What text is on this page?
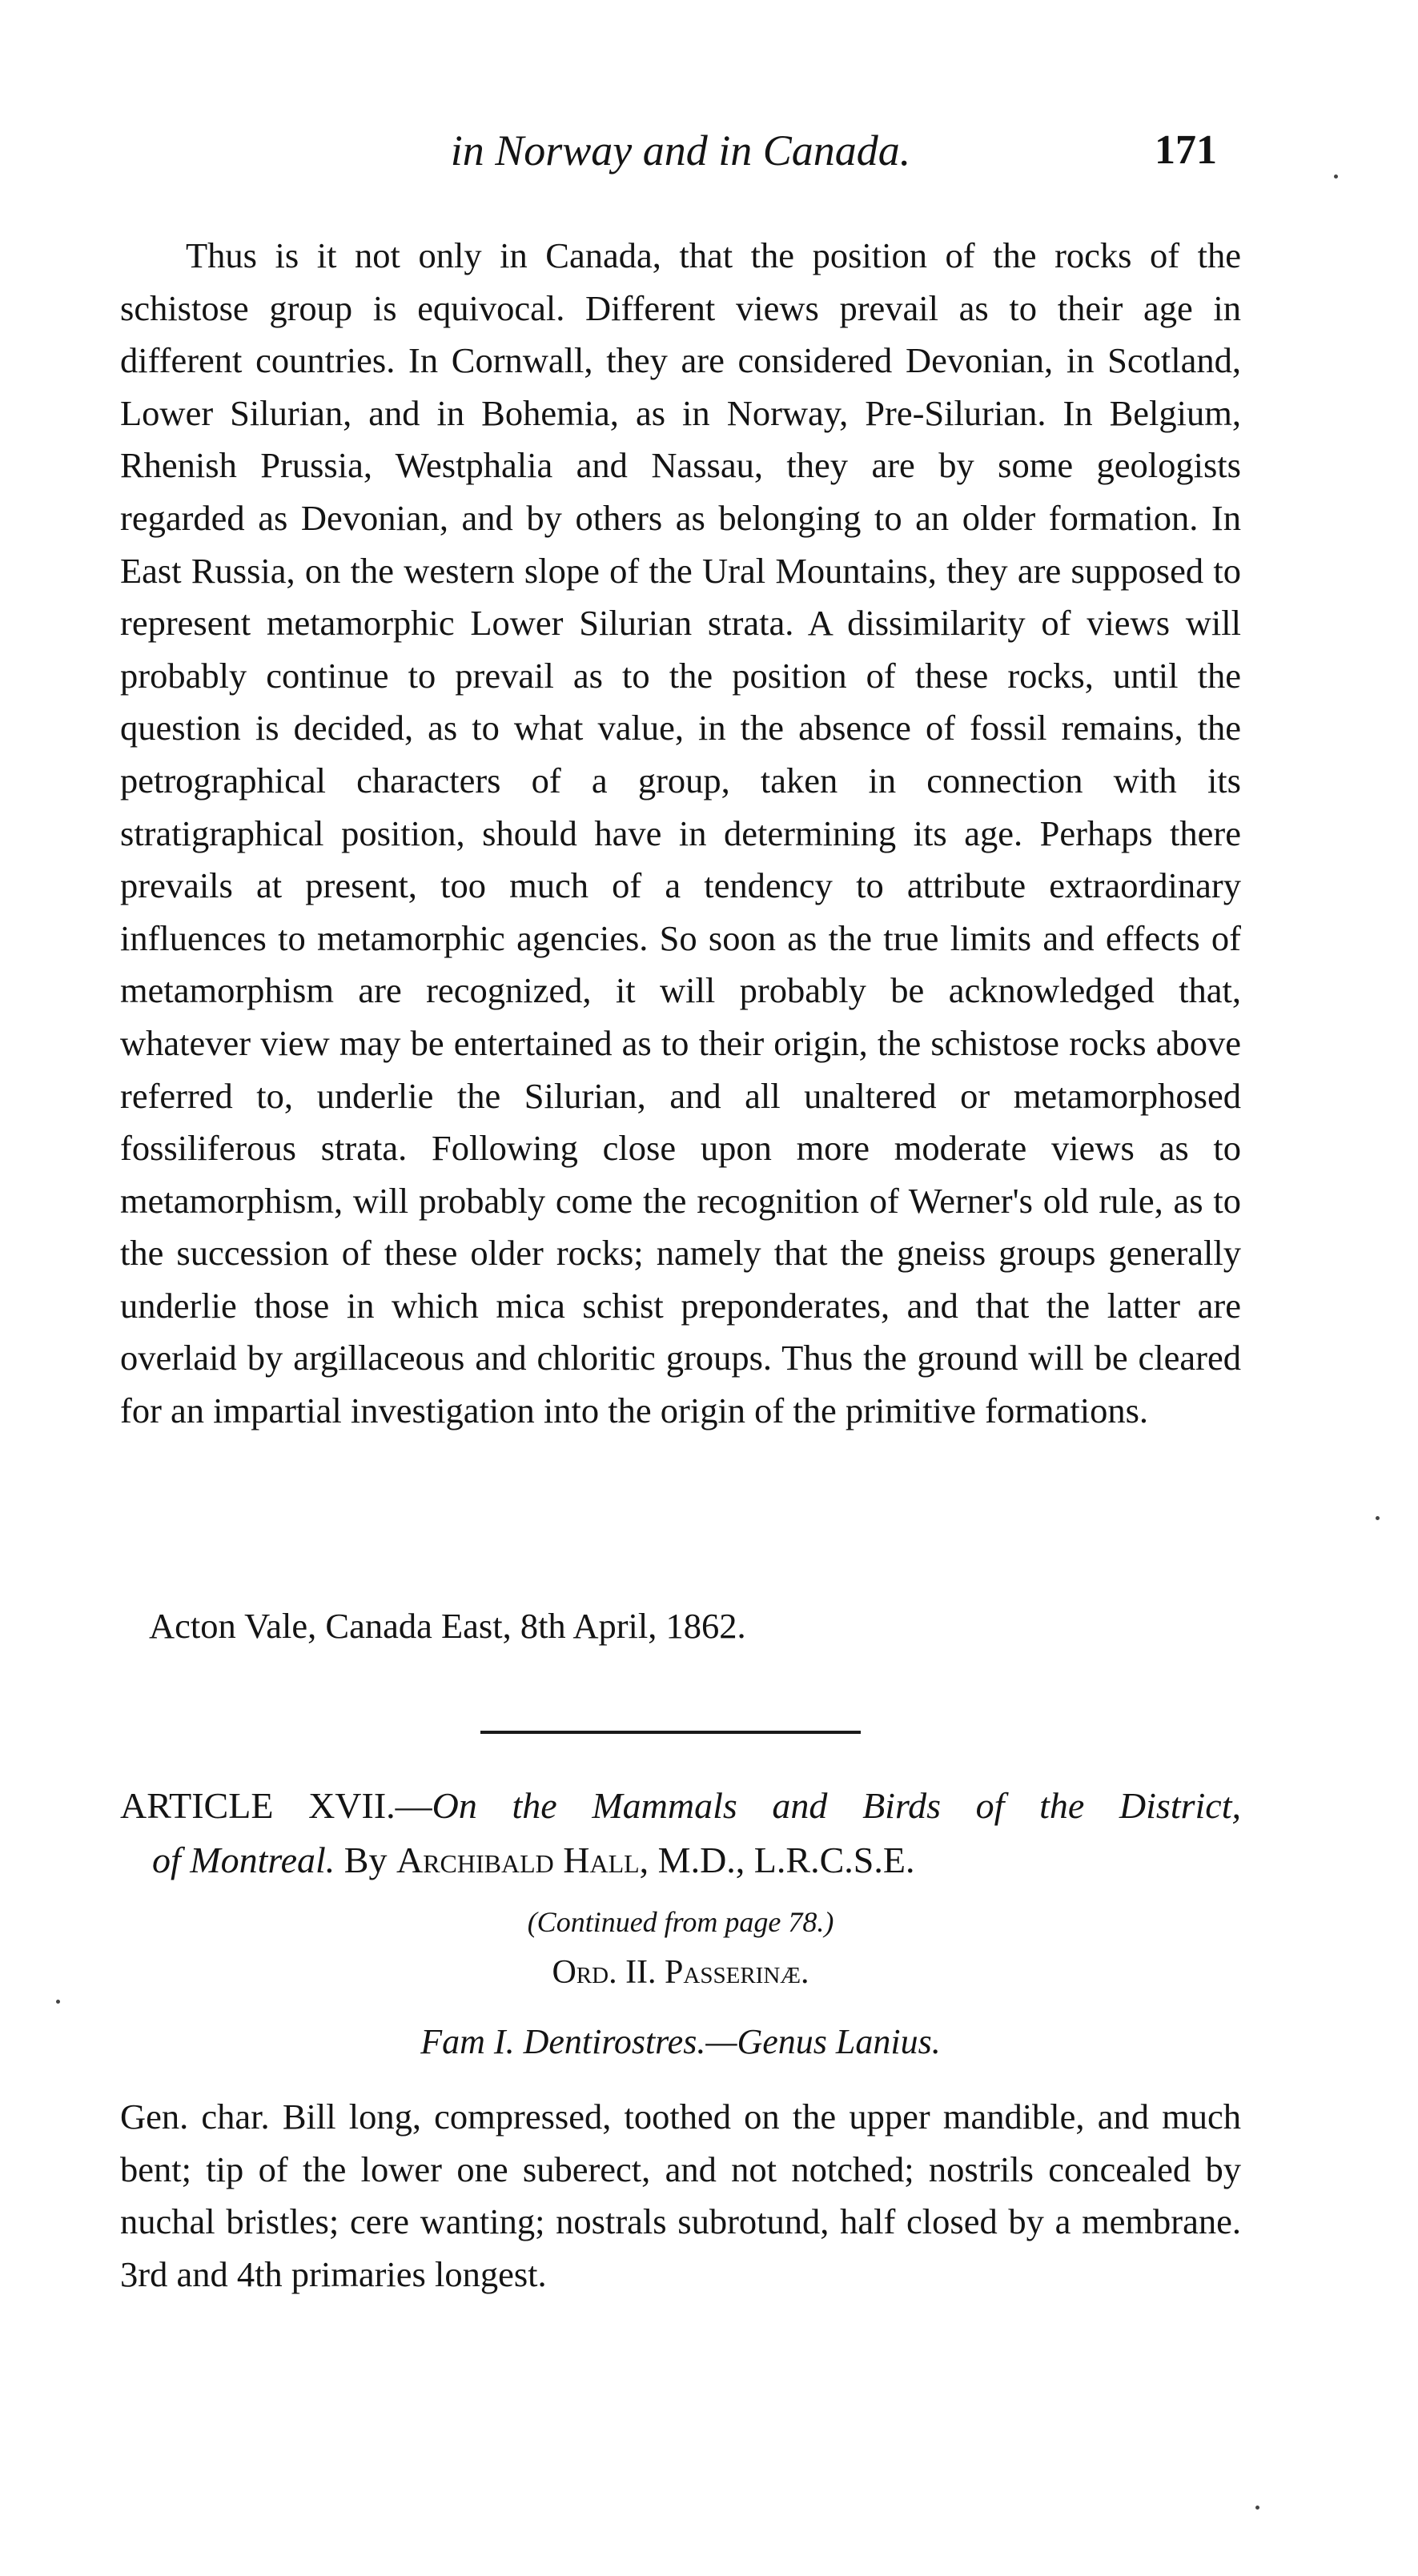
in Norway and in Canada.	171

Thus is it not only in Canada, that the position of the rocks of the schistose group is equivocal. Different views prevail as to their age in different countries. In Cornwall, they are considered Devonian, in Scotland, Lower Silurian, and in Bohemia, as in Norway, Pre-Silurian. In Belgium, Rhenish Prussia, Westphalia and Nassau, they are by some geologists regarded as Devonian, and by others as belonging to an older formation. In East Russia, on the western slope of the Ural Mountains, they are supposed to represent metamorphic Lower Silurian strata. A dissimilarity of views will probably continue to prevail as to the position of these rocks, until the question is decided, as to what value, in the absence of fossil remains, the petrographical characters of a group, taken in connection with its stratigraphical position, should have in determining its age. Perhaps there prevails at present, too much of a tendency to attribute extraordinary influences to metamorphic agencies. So soon as the true limits and effects of metamorphism are recognized, it will probably be acknowledged that, whatever view may be entertained as to their origin, the schistose rocks above referred to, underlie the Silurian, and all unaltered or metamorphosed fossiliferous strata. Following close upon more moderate views as to metamorphism, will probably come the recognition of Werner's old rule, as to the succession of these older rocks; namely that the gneiss groups generally underlie those in which mica schist preponderates, and that the latter are overlaid by argillaceous and chloritic groups. Thus the ground will be cleared for an impartial investigation into the origin of the primitive formations.

Acton Vale, Canada East, 8th April, 1862.
ARTICLE XVII.—On the Mammals and Birds of the District,
of Montreal. By Archibald Hall, M.D., L.R.C.S.E.
(Continued from page 78.)
Ord. II. Passerinæ.
Fam I. Dentirostres.—Genus Lanius.

Gen. char. Bill long, compressed, toothed on the upper mandible, and much bent; tip of the lower one suberect, and not notched; nostrils concealed by nuchal bristles; cere wanting; nostrals subrotund, half closed by a membrane. 3rd and 4th primaries longest.
